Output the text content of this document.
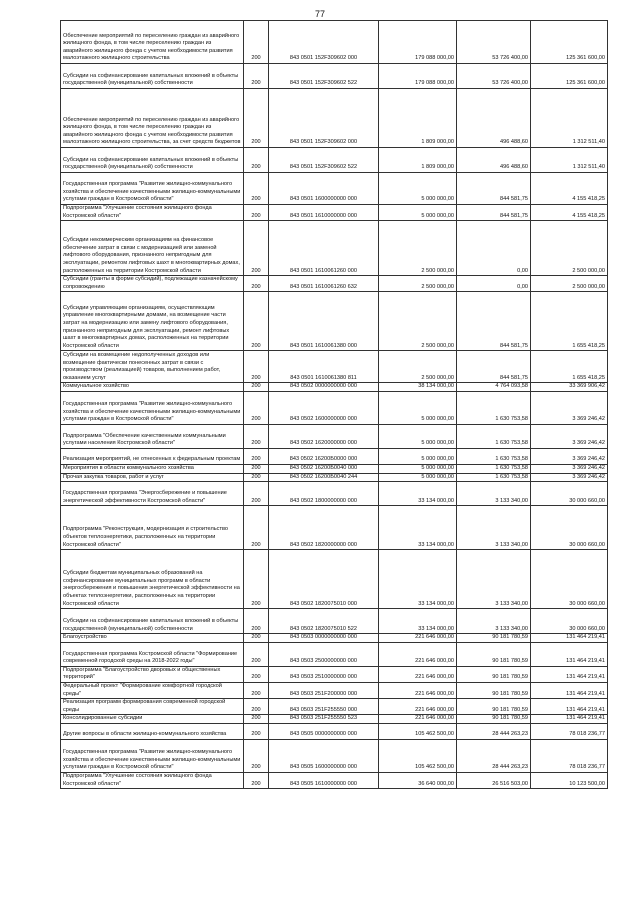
77
Обеспечение мероприятий по переселению граждан из аварийного жилищного фонда, в том числе переселению граждан из аварийного жилищного фонда с учетом необходимости развития малоэтажного жилищного строительства	200	843 0501 152F309602 000	179 088 000,00	53 726 400,00	125 361 600,00
Субсидии на софинансирование капитальных вложений в объекты государственной (муниципальной) собственности	200	843 0501 152F309602 522	179 088 000,00	53 726 400,00	125 361 600,00
Обеспечение мероприятий по переселению граждан из аварийного жилищного фонда, в том числе переселению граждан из аварийного жилищного фонда с учетом необходимости развития малоэтажного жилищного строительства, за счет средств бюджетов	200	843 0501 152F309602 000	1 809 000,00	496 488,60	1 312 511,40
Субсидии на софинансирование капитальных вложений в объекты государственной (муниципальной) собственности	200	843 0501 152F309602 522	1 809 000,00	496 488,60	1 312 511,40
Государственная программа "Развитие жилищно-коммунального хозяйства и обеспечение качественными жилищно-коммунальными услугами граждан в Костромской области"	200	843 0501 1600000000 000	5 000 000,00	844 581,75	4 155 418,25
Подпрограмма "Улучшение состояния жилищного фонда Костромской области"	200	843 0501 1610000000 000	5 000 000,00	844 581,75	4 155 418,25
Субсидии некоммерческим организациям на финансовое обеспечение затрат в связи с модернизацией или заменой лифтового оборудования, признанного непригодным для эксплуатации, ремонтом лифтовых шахт в многоквартирных домах, расположенных на территории Костромской области	200	843 0501 1610061260 000	2 500 000,00	0,00	2 500 000,00
Субсидии (гранты в форме субсидий), подлежащие казначейскому сопровождению	200	843 0501 1610061260 632	2 500 000,00	0,00	2 500 000,00
Субсидии управляющим организациям, осуществляющим управление многоквартирными домами, на возмещение части затрат на модернизацию или замену лифтового оборудования, признанного непригодным для эксплуатации, ремонт лифтовых шахт в многоквартирных домах, расположенных на территории Костромской области	200	843 0501 1610061380 000	2 500 000,00	844 581,75	1 655 418,25
Субсидии на возмещение недополученных доходов или возмещение фактически понесенных затрат в связи с производством (реализацией) товаров, выполнением работ, оказанием услуг	200	843 0501 1610061380 811	2 500 000,00	844 581,75	1 655 418,25
Коммунальное хозяйство	200	843 0502 0000000000 000	38 134 000,00	4 764 093,58	33 369 906,42
Государственная программа "Развитие жилищно-коммунального хозяйства и обеспечение качественными жилищно-коммунальными услугами граждан в Костромской области"	200	843 0502 1600000000 000	5 000 000,00	1 630 753,58	3 369 246,42
Подпрограмма "Обеспечение качественными коммунальными услугами населения Костромской области"	200	843 0502 1620000000 000	5 000 000,00	1 630 753,58	3 369 246,42
Реализация мероприятий, не отнесенных к федеральным проектам	200	843 0502 16200Б0000 000	5 000 000,00	1 630 753,58	3 369 246,42
Мероприятия в области коммунального хозяйства	200	843 0502 16200Б0040 000	5 000 000,00	1 630 753,58	3 369 246,42
Прочая закупка товаров, работ и услуг	200	843 0502 16200Б0040 244	5 000 000,00	1 630 753,58	3 369 246,42
Государственная программа "Энергосбережение и повышение энергетической эффективности Костромской области"	200	843 0502 1800000000 000	33 134 000,00	3 133 340,00	30 000 660,00
Подпрограмма "Реконструкция, модернизация и строительство объектов теплоэнергетики, расположенных на территории Костромской области"	200	843 0502 1820000000 000	33 134 000,00	3 133 340,00	30 000 660,00
Субсидии бюджетам муниципальных образований на софинансирование муниципальных программ в области энергосбережения и повышения энергетической эффективности на объектах теплоэнергетики, расположенных на территории Костромской области	200	843 0502 1820075010 000	33 134 000,00	3 133 340,00	30 000 660,00
Субсидии на софинансирование капитальных вложений в объекты государственной (муниципальной) собственности	200	843 0502 1820075010 522	33 134 000,00	3 133 340,00	30 000 660,00
Благоустройство	200	843 0503 0000000000 000	221 646 000,00	90 181 780,59	131 464 219,41
Государственная программа Костромской области "Формирование современной городской среды на 2018-2022 годы"	200	843 0503 2500000000 000	221 646 000,00	90 181 780,59	131 464 219,41
Подпрограмма "Благоустройство дворовых и общественных территорий"	200	843 0503 2510000000 000	221 646 000,00	90 181 780,59	131 464 219,41
Федеральный проект "Формирование комфортной городской среды"	200	843 0503 251F200000 000	221 646 000,00	90 181 780,59	131 464 219,41
Реализация программ формирования современной городской среды	200	843 0503 251F255550 000	221 646 000,00	90 181 780,59	131 464 219,41
Консолидированные субсидии	200	843 0503 251F255550 523	221 646 000,00	90 181 780,59	131 464 219,41
Другие вопросы в области жилищно-коммунального хозяйства	200	843 0505 0000000000 000	105 462 500,00	28 444 263,23	78 018 236,77
Государственная программа "Развитие жилищно-коммунального хозяйства и обеспечение качественными жилищно-коммунальными услугами граждан в Костромской области"	200	843 0505 1600000000 000	105 462 500,00	28 444 263,23	78 018 236,77
Подпрограмма "Улучшение состояния жилищного фонда Костромской области"	200	843 0505 1610000000 000	36 640 000,00	26 516 503,00	10 123 500,00
